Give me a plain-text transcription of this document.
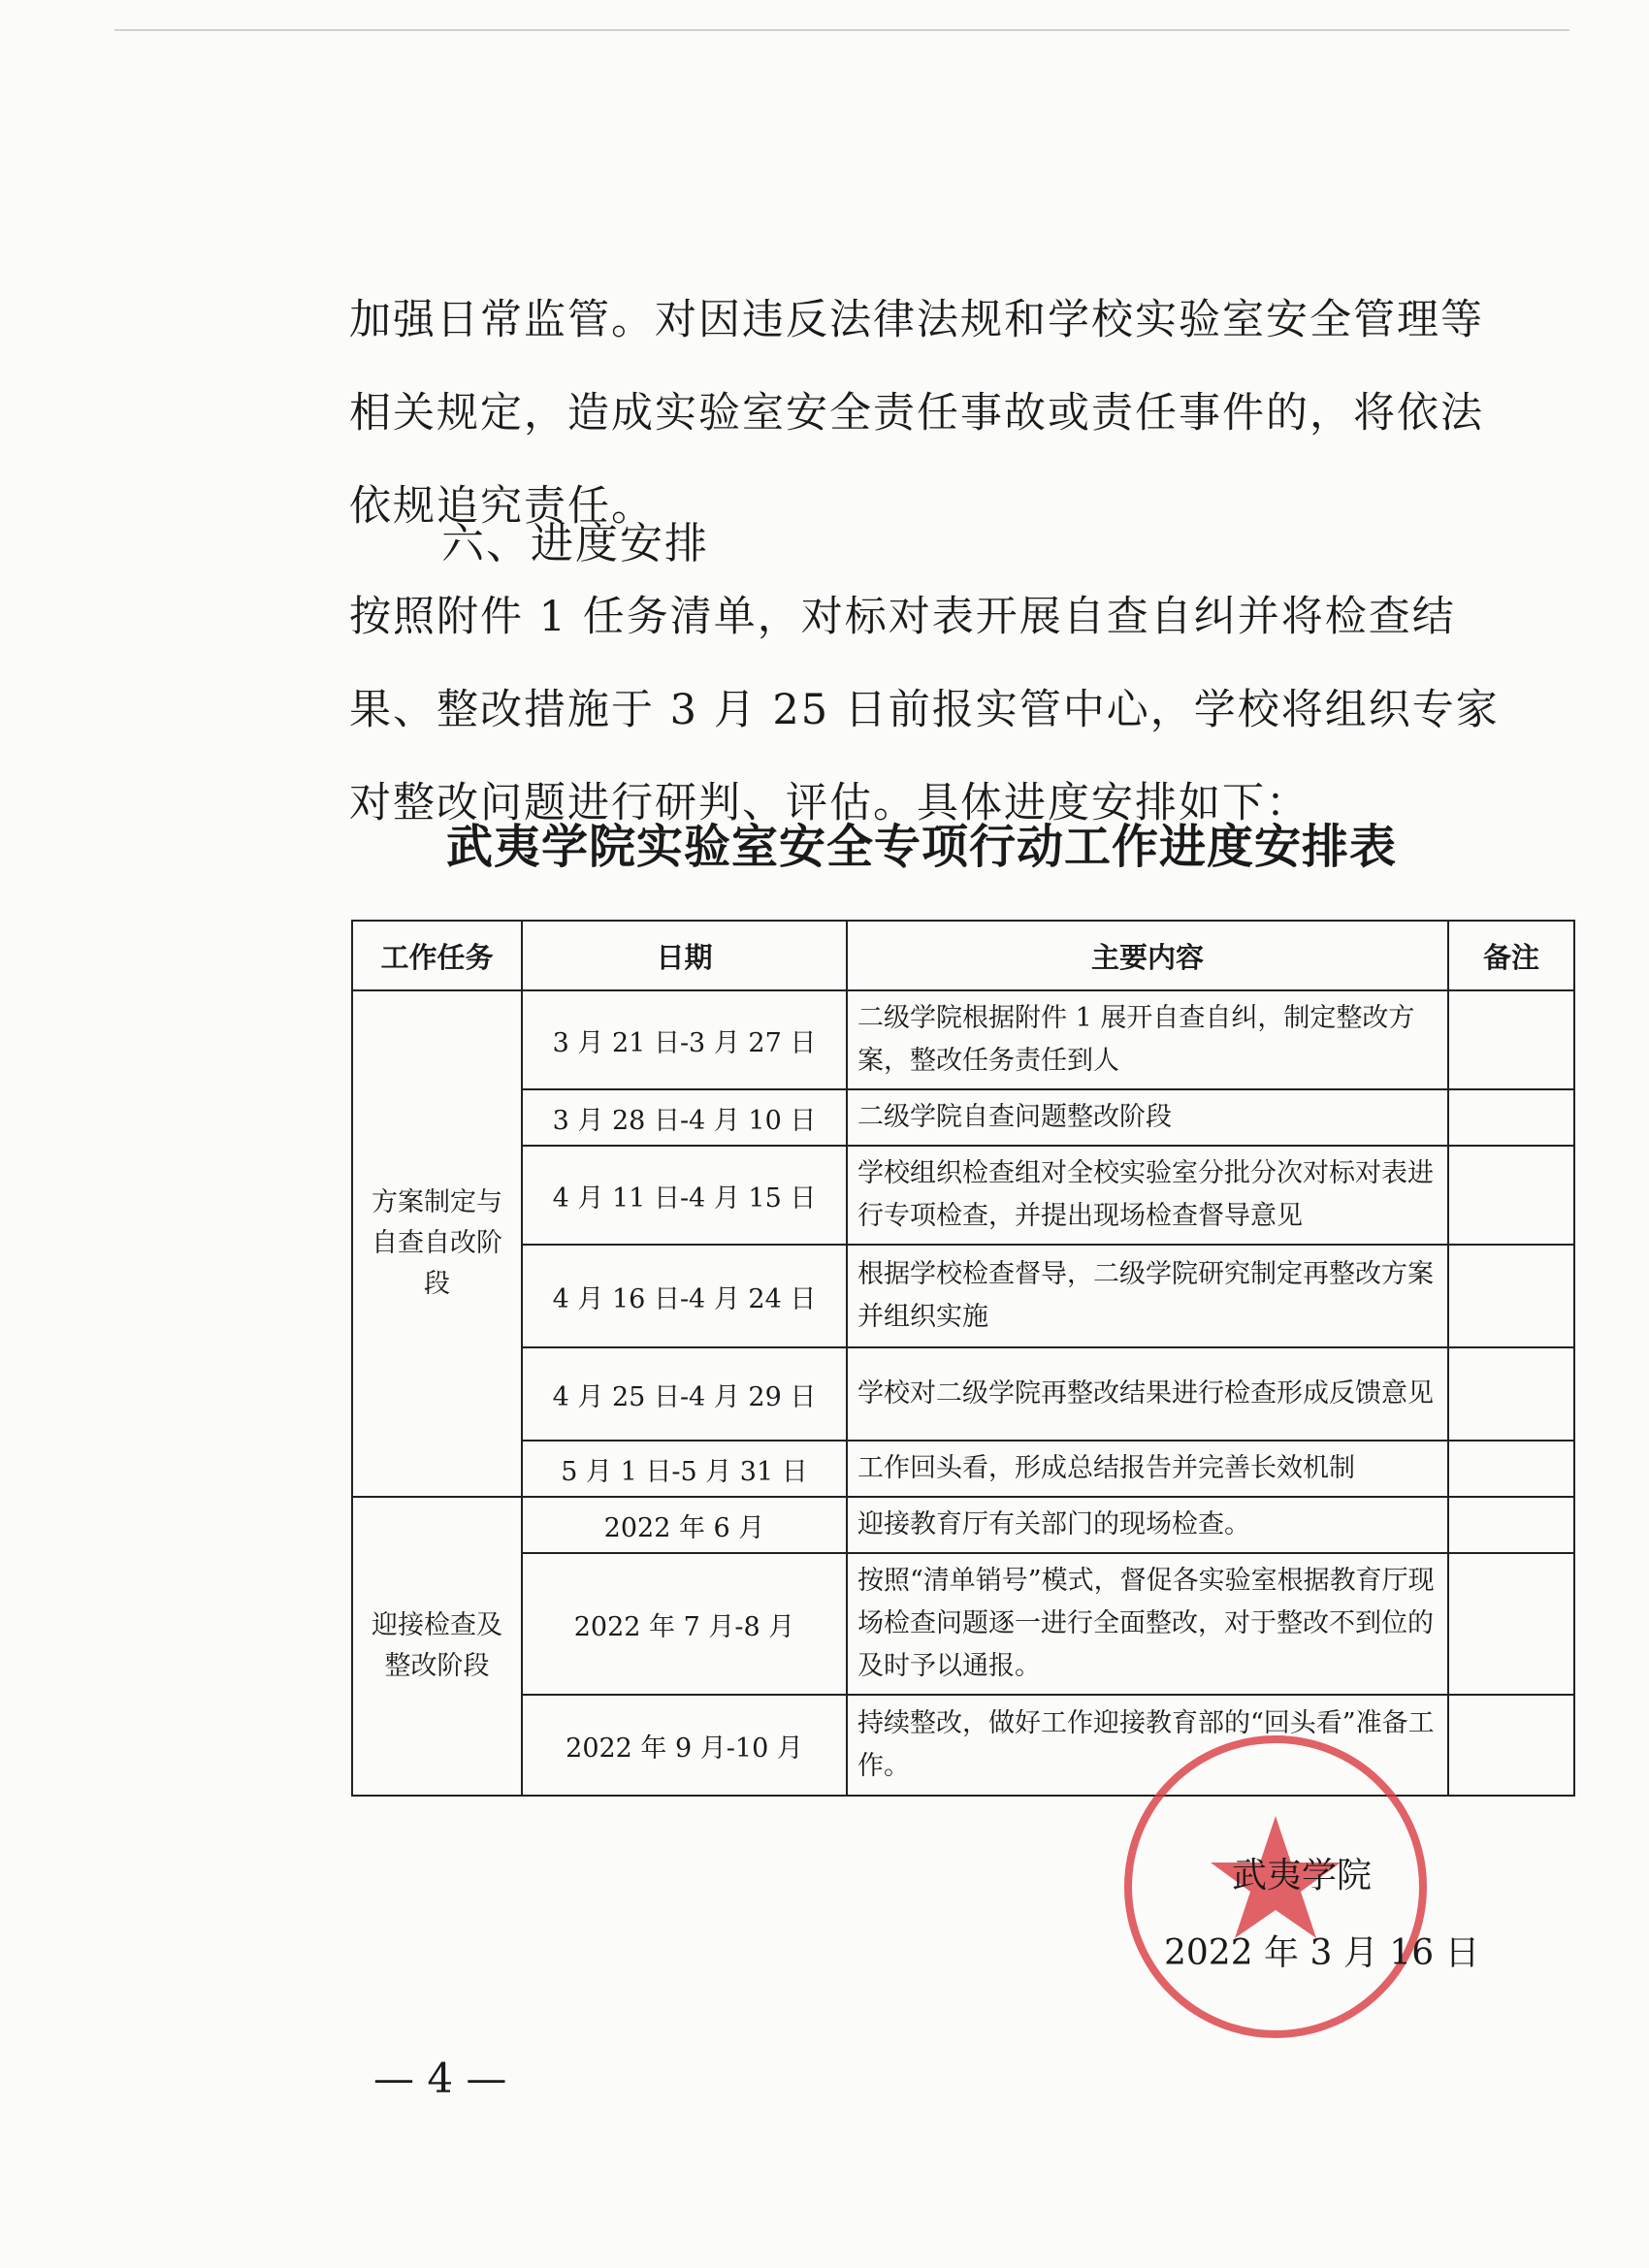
加强日常监管。对因违反法律法规和学校实验室安全管理等相关规定，造成实验室安全责任事故或责任事件的，将依法依规追究责任。

六、进度安排

按照附件 1 任务清单，对标对表开展自查自纠并将检查结果、整改措施于 3 月 25 日前报实管中心，学校将组织专家对整改问题进行研判、评估。具体进度安排如下：

武夷学院实验室安全专项行动工作进度安排表
工作任务	日期	主要内容	备注
方案制定与自查自改阶段	3 月 21 日-3 月 27 日	二级学院根据附件 1 展开自查自纠，制定整改方案，整改任务责任到人	
	3 月 28 日-4 月 10 日	二级学院自查问题整改阶段	
	4 月 11 日-4 月 15 日	学校组织检查组对全校实验室分批分次对标对表进行专项检查，并提出现场检查督导意见	
	4 月 16 日-4 月 24 日	根据学校检查督导，二级学院研究制定再整改方案并组织实施	
	4 月 25 日-4 月 29 日	学校对二级学院再整改结果进行检查形成反馈意见	
	5 月 1 日-5 月 31 日	工作回头看，形成总结报告并完善长效机制	
迎接检查及整改阶段	2022 年 6 月	迎接教育厅有关部门的现场检查。	
	2022 年 7 月-8 月	按照“清单销号”模式，督促各实验室根据教育厅现场检查问题逐一进行全面整改，对于整改不到位的及时予以通报。	
	2022 年 9 月-10 月	持续整改，做好工作迎接教育部的“回头看”准备工作。	
武夷学院
2022 年 3 月 16 日
— 4 —
